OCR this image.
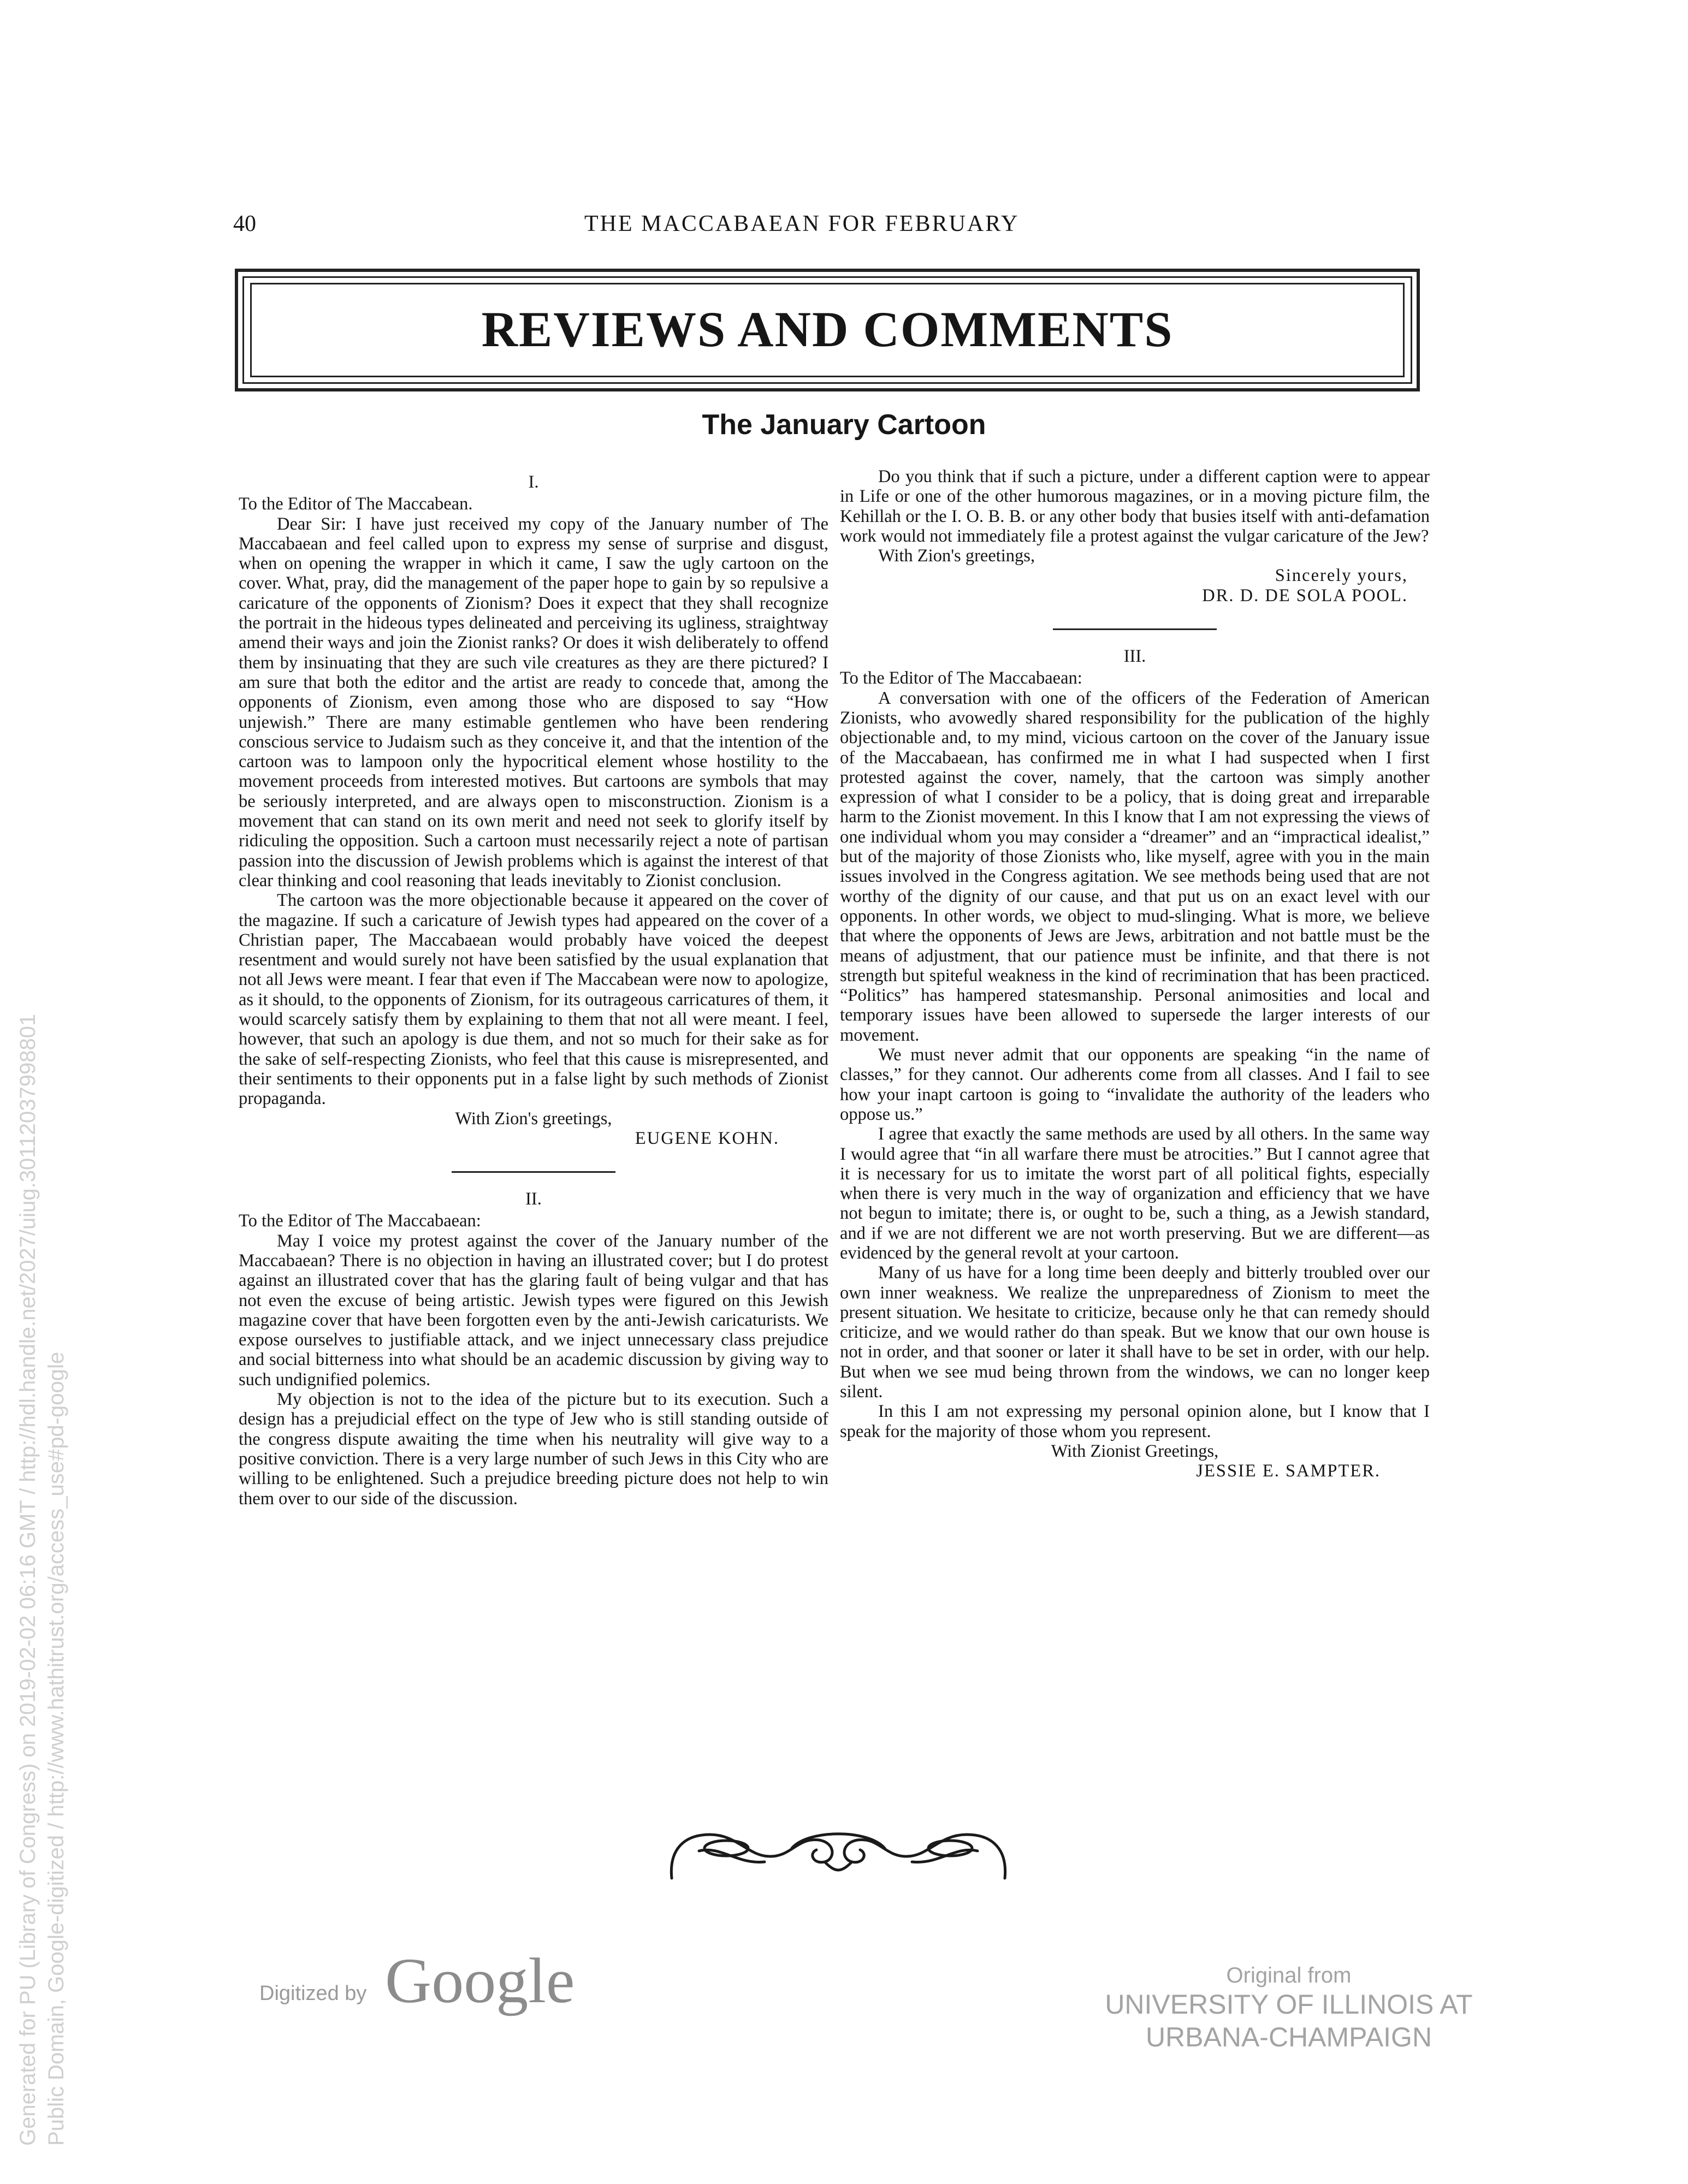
40	THE MACCABAEAN FOR FEBRUARY
REVIEWS AND COMMENTS
The January Cartoon

I.

To the Editor of The Maccabean.

Dear Sir: I have just received my copy of the January number of The Maccabaean and feel called upon to express my sense of surprise and disgust, when on opening the wrapper in which it came, I saw the ugly cartoon on the cover. What, pray, did the management of the paper hope to gain by so repulsive a caricature of the opponents of Zionism? Does it expect that they shall recognize the portrait in the hideous types delineated and perceiving its ugliness, straightway amend their ways and join the Zionist ranks? Or does it wish deliberately to offend them by insinuating that they are such vile creatures as they are there pictured? I am sure that both the editor and the artist are ready to concede that, among the opponents of Zionism, even among those who are disposed to say “How unjewish.” There are many estimable gentlemen who have been rendering conscious service to Judaism such as they conceive it, and that the intention of the cartoon was to lampoon only the hypocritical element whose hostility to the movement proceeds from interested motives. But cartoons are symbols that may be seriously interpreted, and are always open to misconstruction. Zionism is a movement that can stand on its own merit and need not seek to glorify itself by ridiculing the opposition. Such a cartoon must necessarily reject a note of partisan passion into the discussion of Jewish problems which is against the interest of that clear thinking and cool reasoning that leads inevitably to Zionist conclusion.

The cartoon was the more objectionable because it appeared on the cover of the magazine. If such a caricature of Jewish types had appeared on the cover of a Christian paper, The Maccabaean would probably have voiced the deepest resentment and would surely not have been satisfied by the usual explanation that not all Jews were meant. I fear that even if The Maccabean were now to apologize, as it should, to the opponents of Zionism, for its outrageous carricatures of them, it would scarcely satisfy them by explaining to them that not all were meant. I feel, however, that such an apology is due them, and not so much for their sake as for the sake of self-respecting Zionists, who feel that this cause is misrepresented, and their sentiments to their opponents put in a false light by such methods of Zionist propaganda.

With Zion's greetings,

EUGENE KOHN.

II.

To the Editor of The Maccabaean:

May I voice my protest against the cover of the January number of the Maccabaean? There is no objection in having an illustrated cover; but I do protest against an illustrated cover that has the glaring fault of being vulgar and that has not even the excuse of being artistic. Jewish types were figured on this Jewish magazine cover that have been forgotten even by the anti-Jewish caricaturists. We expose ourselves to justifiable attack, and we inject unnecessary class prejudice and social bitterness into what should be an academic discussion by giving way to such undignified polemics.

My objection is not to the idea of the picture but to its execution. Such a design has a prejudicial effect on the type of Jew who is still standing outside of the congress dispute awaiting the time when his neutrality will give way to a positive conviction. There is a very large number of such Jews in this City who are willing to be enlightened. Such a prejudice breeding picture does not help to win them over to our side of the discussion.

Do you think that if such a picture, under a different caption were to appear in Life or one of the other humorous magazines, or in a moving picture film, the Kehillah or the I. O. B. B. or any other body that busies itself with anti-defamation work would not immediately file a protest against the vulgar caricature of the Jew?

With Zion's greetings,

Sincerely yours,

DR. D. DE SOLA POOL.

III.

To the Editor of The Maccabaean:

A conversation with one of the officers of the Federation of American Zionists, who avowedly shared responsibility for the publication of the highly objectionable and, to my mind, vicious cartoon on the cover of the January issue of the Maccabaean, has confirmed me in what I had suspected when I first protested against the cover, namely, that the cartoon was simply another expression of what I consider to be a policy, that is doing great and irreparable harm to the Zionist movement. In this I know that I am not expressing the views of one individual whom you may consider a “dreamer” and an “impractical idealist,” but of the majority of those Zionists who, like myself, agree with you in the main issues involved in the Congress agitation. We see methods being used that are not worthy of the dignity of our cause, and that put us on an exact level with our opponents. In other words, we object to mud-slinging. What is more, we believe that where the opponents of Jews are Jews, arbitration and not battle must be the means of adjustment, that our patience must be infinite, and that there is not strength but spiteful weakness in the kind of recrimination that has been practiced. “Politics” has hampered statesmanship. Personal animosities and local and temporary issues have been allowed to supersede the larger interests of our movement.

We must never admit that our opponents are speaking “in the name of classes,” for they cannot. Our adherents come from all classes. And I fail to see how your inapt cartoon is going to “invalidate the authority of the leaders who oppose us.”

I agree that exactly the same methods are used by all others. In the same way I would agree that “in all warfare there must be atrocities.” But I cannot agree that it is necessary for us to imitate the worst part of all political fights, especially when there is very much in the way of organization and efficiency that we have not begun to imitate; there is, or ought to be, such a thing, as a Jewish standard, and if we are not different we are not worth preserving. But we are different—as evidenced by the general revolt at your cartoon.

Many of us have for a long time been deeply and bitterly troubled over our own inner weakness. We realize the unpreparedness of Zionism to meet the present situation. We hesitate to criticize, because only he that can remedy should criticize, and we would rather do than speak. But we know that our own house is not in order, and that sooner or later it shall have to be set in order, with our help. But when we see mud being thrown from the windows, we can no longer keep silent.

In this I am not expressing my personal opinion alone, but I know that I speak for the majority of those whom you represent.

With Zionist Greetings,

JESSIE E. SAMPTER.

Digitized by Google	Original from
UNIVERSITY OF ILLINOIS AT
URBANA-CHAMPAIGN
Generated for PU (Library of Congress) on 2019-02-02 06:16 GMT / http://hdl.handle.net/2027/uiug.30112037998801 Public Domain, Google-digitized / http://www.hathitrust.org/access_use#pd-google
